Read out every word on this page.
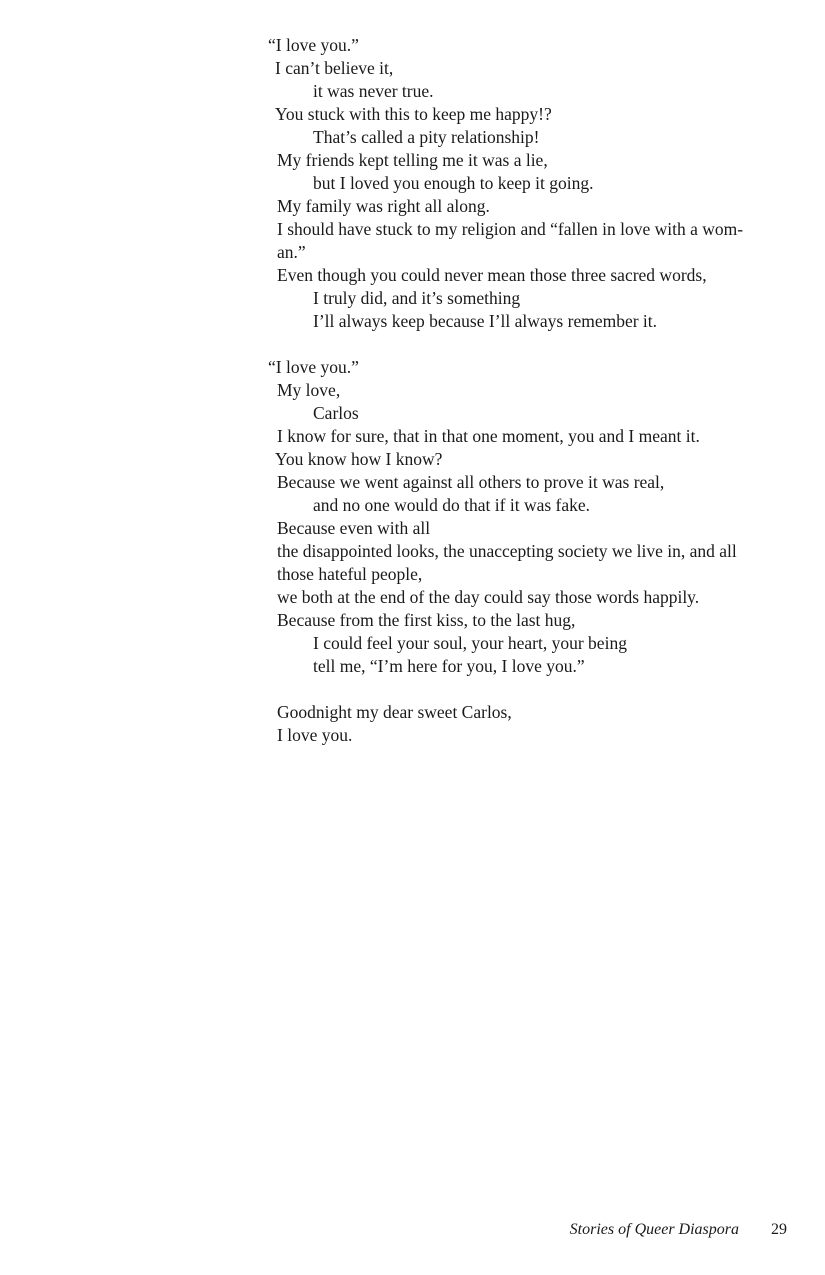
“I love you.”
I can’t believe it,
it was never true.
You stuck with this to keep me happy!?
That’s called a pity relationship!
My friends kept telling me it was a lie,
but I loved you enough to keep it going.
My family was right all along.
I should have stuck to my religion and “fallen in love with a wom-
an.”
Even though you could never mean those three sacred words,
I truly did, and it’s something
I’ll always keep because I’ll always remember it.
“I love you.”
My love,
Carlos
I know for sure, that in that one moment, you and I meant it.
You know how I know?
Because we went against all others to prove it was real,
and no one would do that if it was fake.
Because even with all
the disappointed looks, the unaccepting society we live in, and all
those hateful people,
we both at the end of the day could say those words happily.
Because from the first kiss, to the last hug,
I could feel your soul, your heart, your being
tell me, “I’m here for you, I love you.”
Goodnight my dear sweet Carlos,
I love you.
Stories of Queer Diaspora 29
